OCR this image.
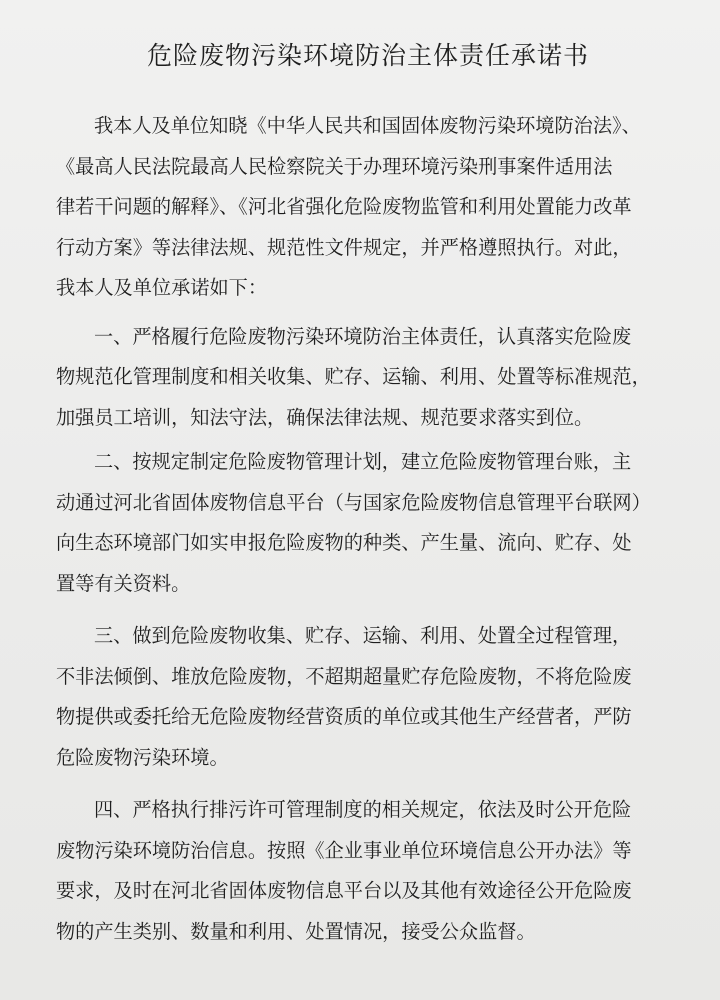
危险废物污染环境防治主体责任承诺书

我本人及单位知晓《中华人民共和国固体废物污染环境防治法》、
《最高人民法院最高人民检察院关于办理环境污染刑事案件适用法
律若干问题的解释》、《河北省强化危险废物监管和利用处置能力改革
行动方案》等法律法规、规范性文件规定，并严格遵照执行。对此，
我本人及单位承诺如下：

一、严格履行危险废物污染环境防治主体责任，认真落实危险废
物规范化管理制度和相关收集、贮存、运输、利用、处置等标准规范，
加强员工培训，知法守法，确保法律法规、规范要求落实到位。

二、按规定制定危险废物管理计划，建立危险废物管理台账，主
动通过河北省固体废物信息平台（与国家危险废物信息管理平台联网）
向生态环境部门如实申报危险废物的种类、产生量、流向、贮存、处
置等有关资料。

三、做到危险废物收集、贮存、运输、利用、处置全过程管理，
不非法倾倒、堆放危险废物，不超期超量贮存危险废物，不将危险废
物提供或委托给无危险废物经营资质的单位或其他生产经营者，严防
危险废物污染环境。

四、严格执行排污许可管理制度的相关规定，依法及时公开危险
废物污染环境防治信息。按照《企业事业单位环境信息公开办法》等
要求，及时在河北省固体废物信息平台以及其他有效途径公开危险废
物的产生类别、数量和利用、处置情况，接受公众监督。
